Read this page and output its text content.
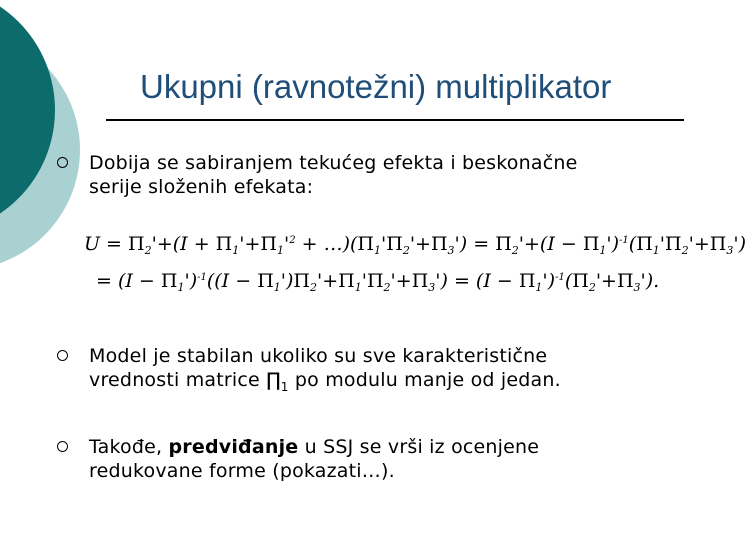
Ukupni (ravnotežni) multiplikator
Dobija se sabiranjem tekućeg efekta i beskonačne
serije složenih efekata:
$U = \Pi_2'+(I + \Pi_1'+\Pi_1'^2$ + $\dots)(\Pi_1'\Pi_2'+\Pi_3') = \Pi_2'+(I - \Pi_1')^{-1}(\Pi_1'\Pi_2'+\Pi_3')$
= $(I - \Pi_1')^{-1}((I - \Pi_1')\Pi_2'+\Pi_1'\Pi_2'+\Pi_3') = (I - \Pi_1')^{-1}(\Pi_2'+\Pi_3')$.
Model je stabilan ukoliko su sve karakteristične
vrednosti matrice $\prod_1$ po modulu manje od jedan.
Takođe, predviđanje u SSJ se vrši iz ocenjene
redukovane forme (pokazati…).
